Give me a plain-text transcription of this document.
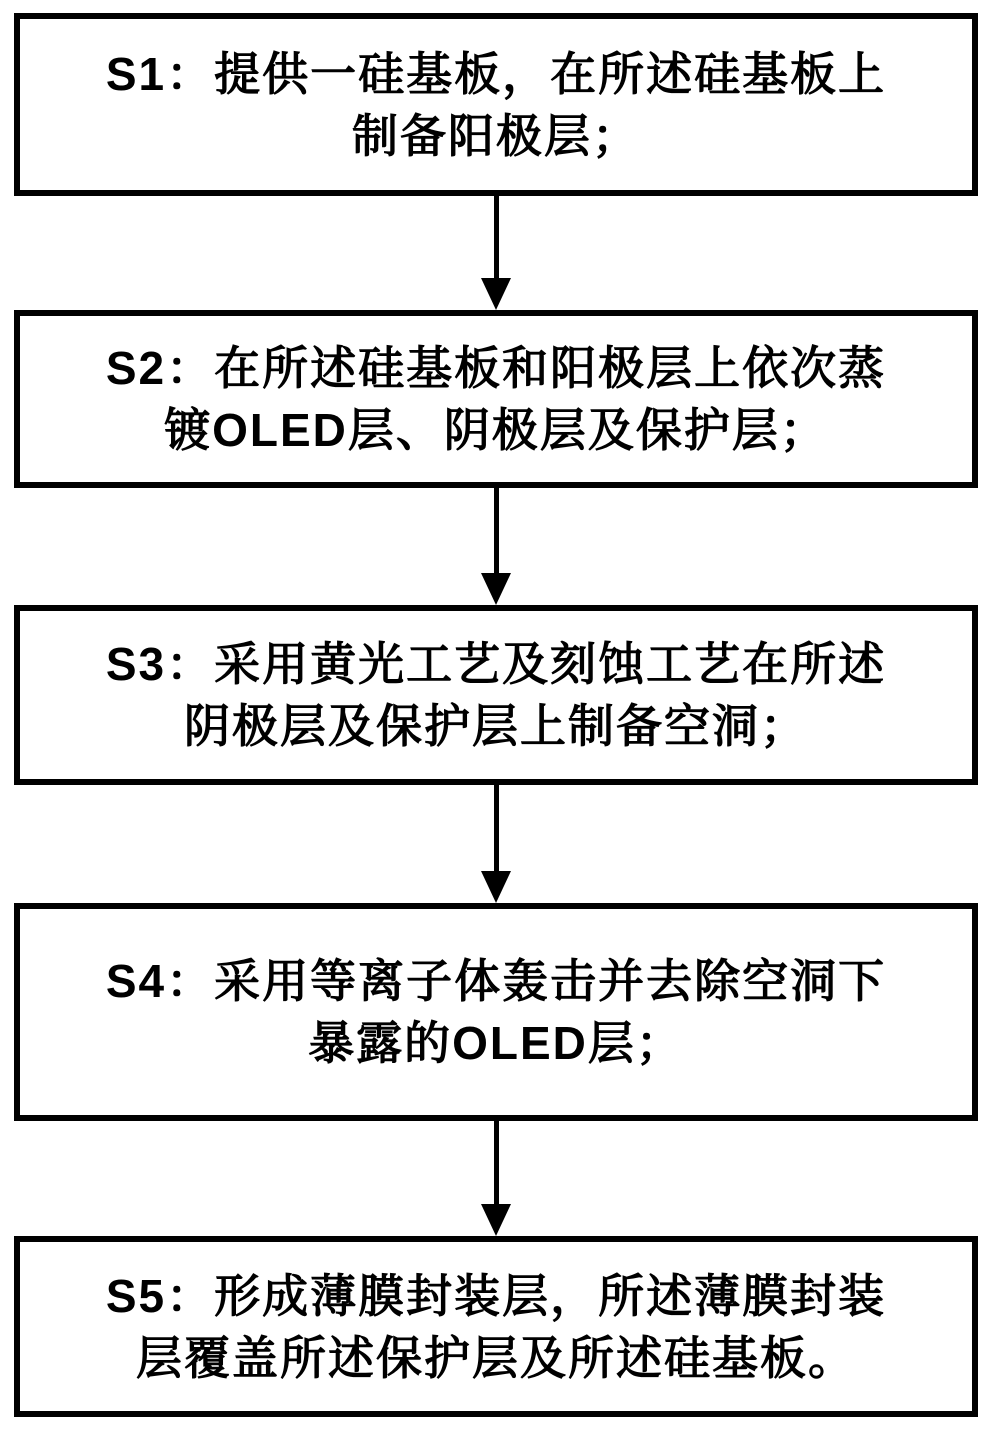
S1：提供一硅基板，在所述硅基板上
制备阳极层；
S2：在所述硅基板和阳极层上依次蒸
镀OLED层、阴极层及保护层；
S3：采用黄光工艺及刻蚀工艺在所述
阴极层及保护层上制备空洞；
S4：采用等离子体轰击并去除空洞下
暴露的OLED层；
S5：形成薄膜封装层，所述薄膜封装
层覆盖所述保护层及所述硅基板。
